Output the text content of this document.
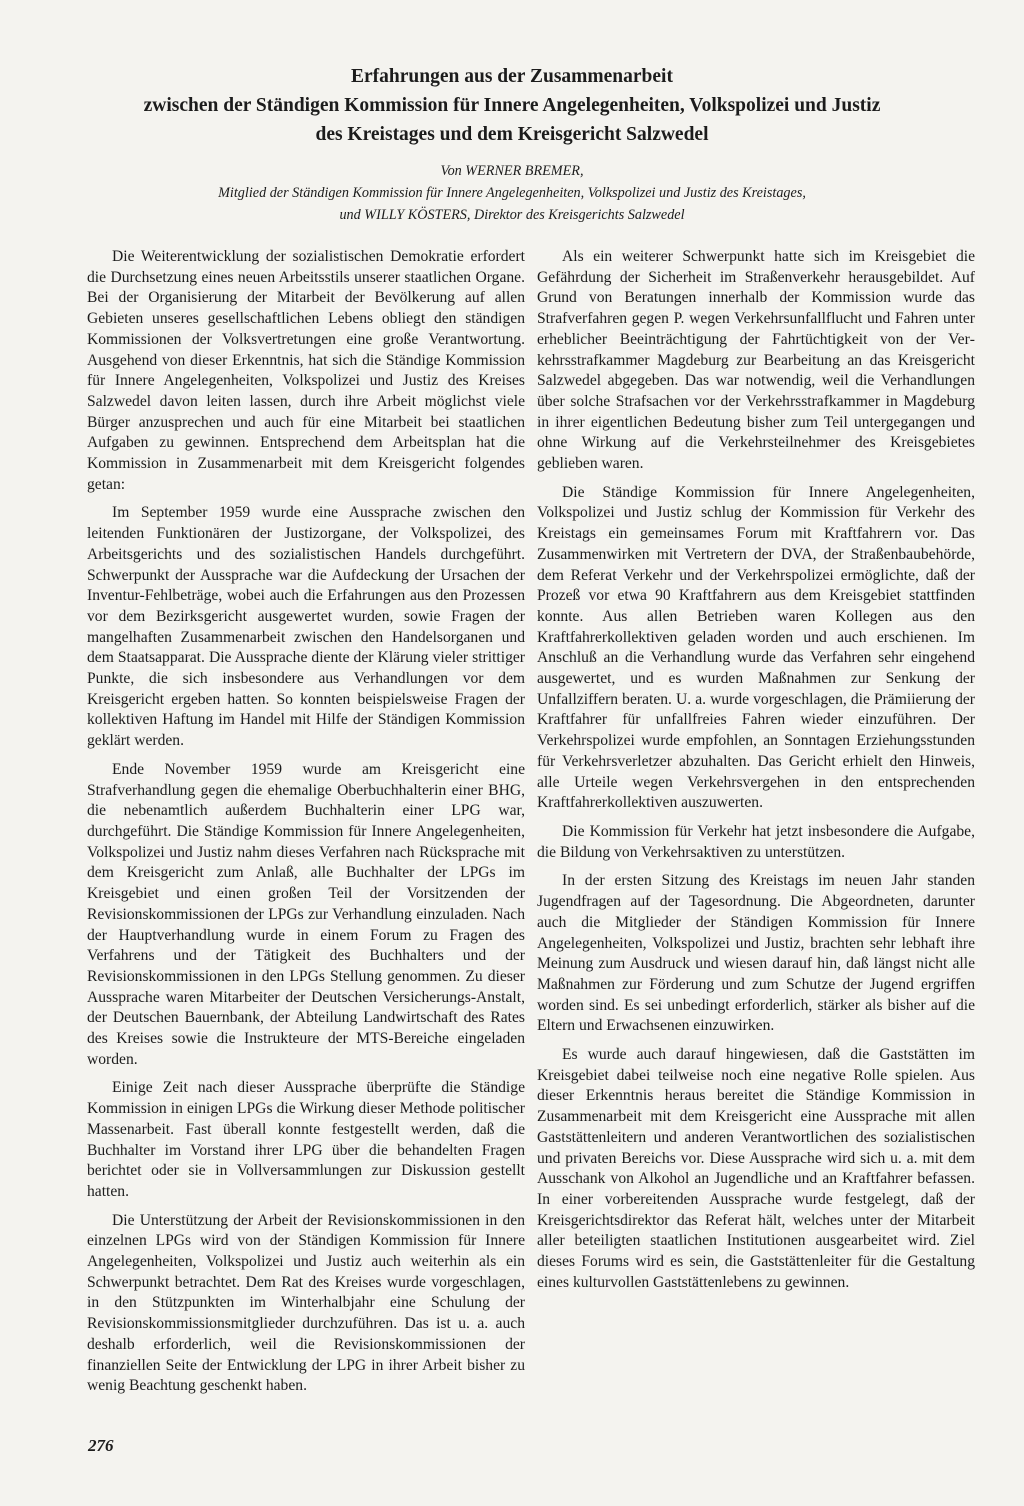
Erfahrungen aus der Zusammenarbeit
zwischen der Ständigen Kommission für Innere Angelegenheiten, Volkspolizei und Justiz
des Kreistages und dem Kreisgericht Salzwedel
Von WERNER BREMER,
Mitglied der Ständigen Kommission für Innere Angelegenheiten, Volkspolizei und Justiz des Kreistages,
und WILLY KÖSTERS, Direktor des Kreisgerichts Salzwedel

Die Weiterentwicklung der sozialistischen Demokratie erfordert die Durchsetzung eines neuen Arbeitsstils unserer staatlichen Organe. Bei der Organisierung der Mitarbeit der Bevölkerung auf allen Gebieten unseres gesellschaftlichen Lebens obliegt den ständigen Kommissionen der Volksvertretungen eine große Verantwortung. Ausgehend von dieser Erkenntnis, hat sich die Ständige Kommission für Innere Angelegenheiten, Volkspolizei und Justiz des Kreises Salzwedel davon leiten lassen, durch ihre Arbeit möglichst viele Bürger anzusprechen und auch für eine Mitarbeit bei staatlichen Aufgaben zu gewinnen. Entsprechend dem Arbeitsplan hat die Kommission in Zusammenarbeit mit dem Kreisgericht folgendes getan:

Im September 1959 wurde eine Aussprache zwischen den leitenden Funktionären der Justizorgane, der Volkspolizei, des Arbeitsgerichts und des sozialistischen Handels durchgeführt. Schwerpunkt der Aussprache war die Aufdeckung der Ursachen der Inventur-Fehlbeträge, wobei auch die Erfahrungen aus den Prozessen vor dem Bezirksgericht ausgewertet wurden, sowie Fragen der mangelhaften Zusammenarbeit zwischen den Handelsorganen und dem Staatsapparat. Die Aussprache diente der Klärung vieler strittiger Punkte, die sich insbesondere aus Verhandlungen vor dem Kreisgericht ergeben hatten. So konnten beispielsweise Fragen der kollektiven Haftung im Handel mit Hilfe der Ständigen Kommission geklärt werden.

Ende November 1959 wurde am Kreisgericht eine Strafverhandlung gegen die ehemalige Oberbuchhalterin einer BHG, die nebenamtlich außerdem Buchhalterin einer LPG war, durchgeführt. Die Ständige Kommission für Innere Angelegenheiten, Volkspolizei und Justiz nahm dieses Verfahren nach Rücksprache mit dem Kreisgericht zum Anlaß, alle Buchhalter der LPGs im Kreisgebiet und einen großen Teil der Vorsitzenden der Revisionskommissionen der LPGs zur Verhandlung einzuladen. Nach der Hauptverhandlung wurde in einem Forum zu Fragen des Verfahrens und der Tätigkeit des Buchhalters und der Revisionskommissionen in den LPGs Stellung genommen. Zu dieser Aussprache waren Mitarbeiter der Deutschen Versicherungs-Anstalt, der Deutschen Bauernbank, der Abteilung Landwirtschaft des Rates des Kreises sowie die Instrukteure der MTS-Bereiche eingeladen worden.

Einige Zeit nach dieser Aussprache überprüfte die Ständige Kommission in einigen LPGs die Wirkung dieser Methode politischer Massenarbeit. Fast überall konnte festgestellt werden, daß die Buchhalter im Vorstand ihrer LPG über die behandelten Fragen berichtet oder sie in Vollversammlungen zur Diskussion gestellt hatten.

Die Unterstützung der Arbeit der Revisionskommissionen in den einzelnen LPGs wird von der Ständigen Kommission für Innere Angelegenheiten, Volkspolizei und Justiz auch weiterhin als ein Schwerpunkt betrachtet. Dem Rat des Kreises wurde vorgeschlagen, in den Stützpunkten im Winterhalbjahr eine Schulung der Revisionskommissionsmitglieder durchzuführen. Das ist u. a. auch deshalb erforderlich, weil die Revisionskommissionen der finanziellen Seite der Entwicklung der LPG in ihrer Arbeit bisher zu wenig Beachtung geschenkt haben.

Als ein weiterer Schwerpunkt hatte sich im Kreisgebiet die Gefährdung der Sicherheit im Straßenverkehr herausgebildet. Auf Grund von Beratungen innerhalb der Kommission wurde das Strafverfahren gegen P. wegen Verkehrsunfallflucht und Fahren unter erheblicher Beeinträchtigung der Fahrtüchtigkeit von der Verkehrsstrafkammer Magdeburg zur Bearbeitung an das Kreisgericht Salzwedel abgegeben. Das war notwendig, weil die Verhandlungen über solche Strafsachen vor der Verkehrsstrafkammer in Magdeburg in ihrer eigentlichen Bedeutung bisher zum Teil untergegangen und ohne Wirkung auf die Verkehrsteilnehmer des Kreisgebietes geblieben waren.

Die Ständige Kommission für Innere Angelegenheiten, Volkspolizei und Justiz schlug der Kommission für Verkehr des Kreistags ein gemeinsames Forum mit Kraftfahrern vor. Das Zusammenwirken mit Vertretern der DVA, der Straßenbaubehörde, dem Referat Verkehr und der Verkehrspolizei ermöglichte, daß der Prozeß vor etwa 90 Kraftfahrern aus dem Kreisgebiet stattfinden konnte. Aus allen Betrieben waren Kollegen aus den Kraftfahrerkollektiven geladen worden und auch erschienen. Im Anschluß an die Verhandlung wurde das Verfahren sehr eingehend ausgewertet, und es wurden Maßnahmen zur Senkung der Unfallziffern beraten. U. a. wurde vorgeschlagen, die Prämiierung der Kraftfahrer für unfallfreies Fahren wieder einzuführen. Der Verkehrspolizei wurde empfohlen, an Sonntagen Erziehungsstunden für Verkehrsverletzer abzuhalten. Das Gericht erhielt den Hinweis, alle Urteile wegen Verkehrsvergehen in den entsprechenden Kraftfahrerkollektiven auszuwerten.

Die Kommission für Verkehr hat jetzt insbesondere die Aufgabe, die Bildung von Verkehrsaktiven zu unterstützen.

In der ersten Sitzung des Kreistags im neuen Jahr standen Jugendfragen auf der Tagesordnung. Die Abgeordneten, darunter auch die Mitglieder der Ständigen Kommission für Innere Angelegenheiten, Volkspolizei und Justiz, brachten sehr lebhaft ihre Meinung zum Ausdruck und wiesen darauf hin, daß längst nicht alle Maßnahmen zur Förderung und zum Schutze der Jugend ergriffen worden sind. Es sei unbedingt erforderlich, stärker als bisher auf die Eltern und Erwachsenen einzuwirken.

Es wurde auch darauf hingewiesen, daß die Gaststätten im Kreisgebiet dabei teilweise noch eine negative Rolle spielen. Aus dieser Erkenntnis heraus bereitet die Ständige Kommission in Zusammenarbeit mit dem Kreisgericht eine Aussprache mit allen Gaststättenleitern und anderen Verantwortlichen des sozialistischen und privaten Bereichs vor. Diese Aussprache wird sich u. a. mit dem Ausschank von Alkohol an Jugendliche und an Kraftfahrer befassen. In einer vorbereitenden Aussprache wurde festgelegt, daß der Kreisgerichtsdirektor das Referat hält, welches unter der Mitarbeit aller beteiligten staatlichen Institutionen ausgearbeitet wird. Ziel dieses Forums wird es sein, die Gaststättenleiter für die Gestaltung eines kulturvollen Gaststättenlebens zu gewinnen.

276
